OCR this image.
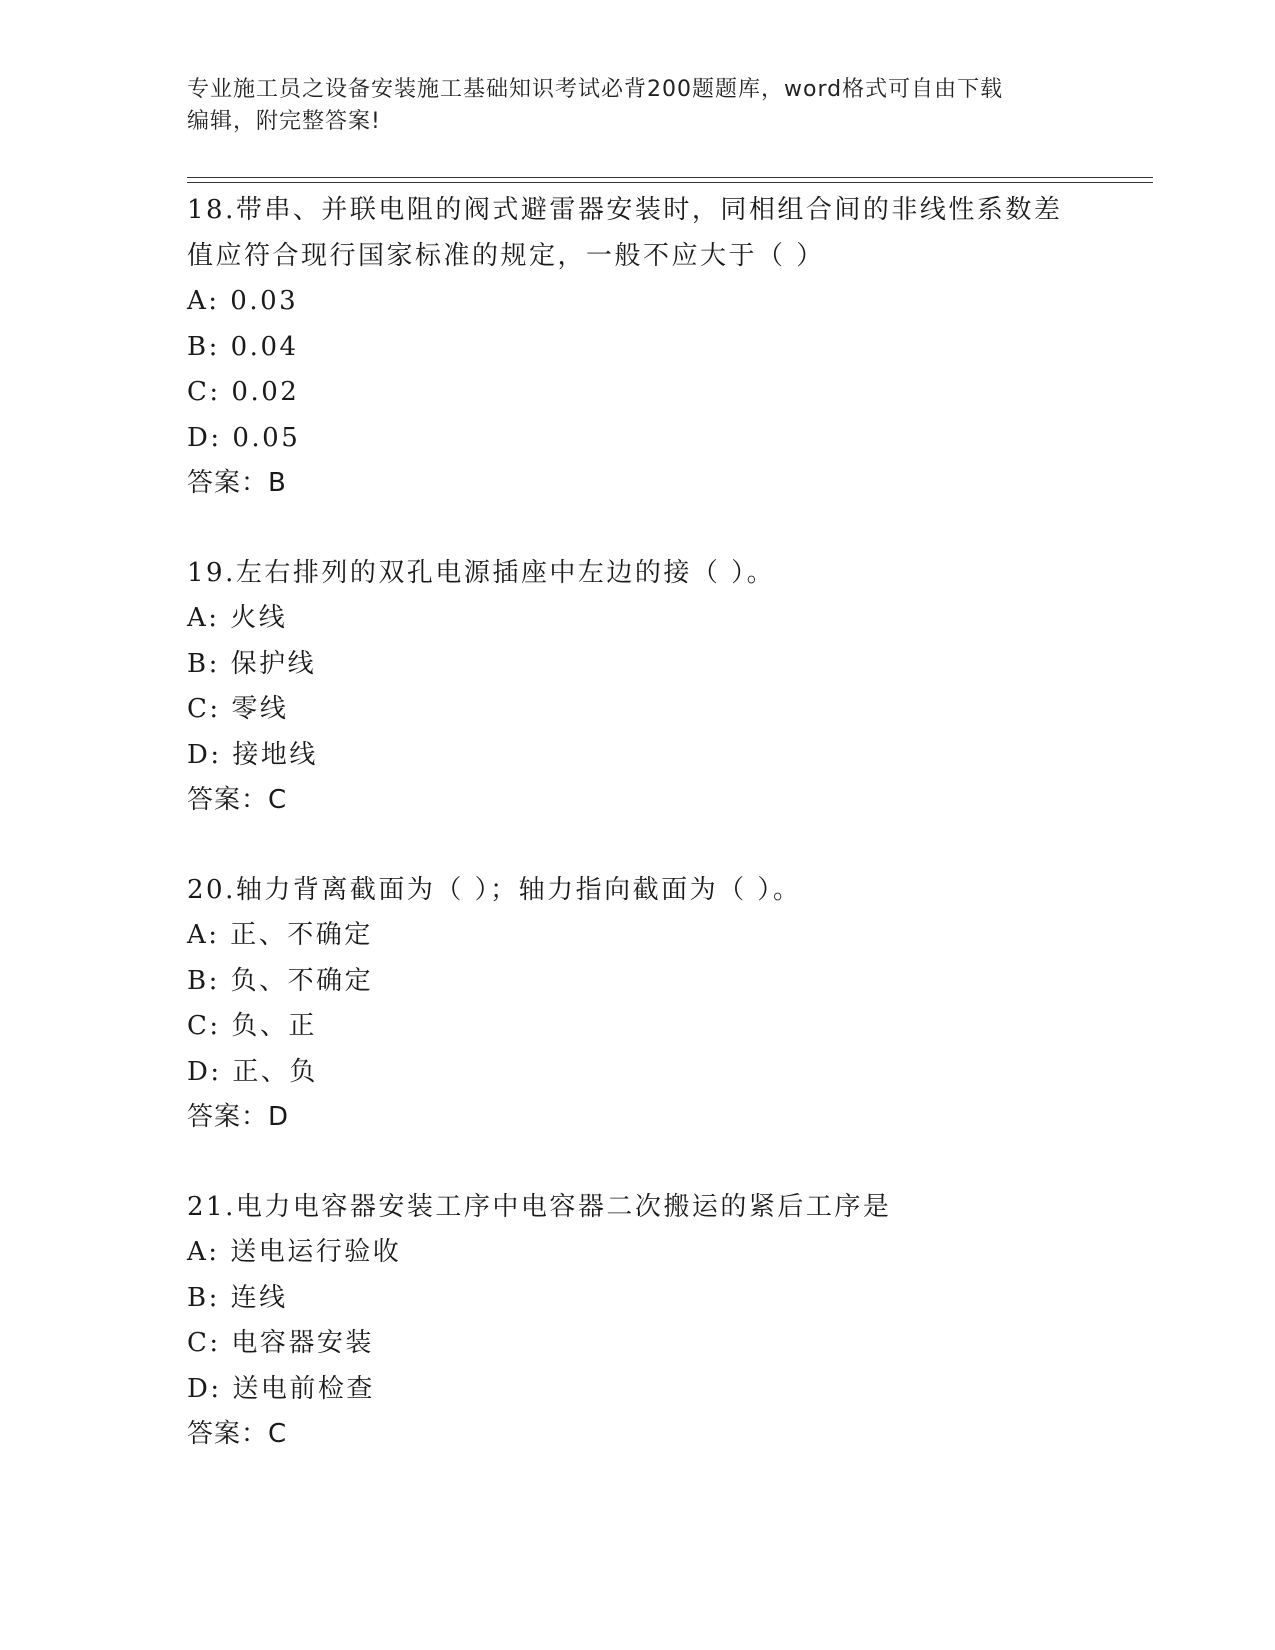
专业施工员之设备安装施工基础知识考试必背200题题库，word格式可自由下载
编辑，附完整答案!

18.带串、并联电阻的阀式避雷器安装时，同相组合间的非线性系数差

值应符合现行国家标准的规定，一般不应大于（ ）

A: 0.03

B: 0.04

C: 0.02

D: 0.05

答案：B

19.左右排列的双孔电源插座中左边的接（ ）。

A: 火线

B: 保护线

C: 零线

D: 接地线

答案：C

20.轴力背离截面为（ ）；轴力指向截面为（ ）。

A: 正、不确定

B: 负、不确定

C: 负、正

D: 正、负

答案：D

21.电力电容器安装工序中电容器二次搬运的紧后工序是

A: 送电运行验收

B: 连线

C: 电容器安装

D: 送电前检查

答案：C
